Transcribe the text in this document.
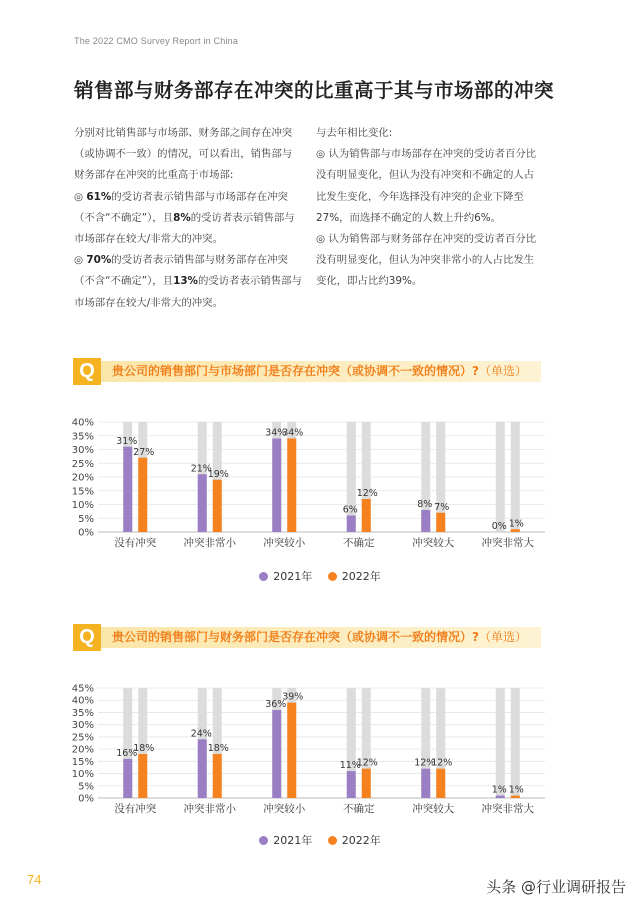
The 2022 CMO Survey Report in China
销售部与财务部存在冲突的比重高于其与市场部的冲突

分别对比销售部与市场部、财务部之间存在冲突（或协调不一致）的情况，可以看出，销售部与财务部存在冲突的比重高于市场部:

◎ 61%的受访者表示销售部与市场部存在冲突（不含“不确定”），且8%的受访者表示销售部与市场部存在较大/非常大的冲突。

◎ 70%的受访者表示销售部与财务部存在冲突（不含“不确定”），且13%的受访者表示销售部与市场部存在较大/非常大的冲突。

与去年相比变化:

◎ 认为销售部与市场部存在冲突的受访者百分比没有明显变化，但认为没有冲突和不确定的人占比发生变化，今年选择没有冲突的企业下降至27%，而选择不确定的人数上升约6%。

◎ 认为销售部与财务部存在冲突的受访者百分比没有明显变化，但认为冲突非常小的人占比发生变化，即占比约39%。

Q	贵公司的销售部门与市场部门是否存在冲突（或协调不一致的情况）?（单选）
0%
5%
10%
15%
20%
25%
30%
35%
40%
31%
27%
没有冲突
21%
19%
冲突非常小
34%
34%
冲突较小
6%
12%
不确定
8% 7%
冲突较大
0% 1%
冲突非常大
2021年
	2022年
Q	贵公司的销售部门与财务部门是否存在冲突（或协调不一致的情况）?（单选）
0%
5%
10%
15%
20%
25%
30%
35%
40%
45%
16%
18%
没有冲突
24%
18%
冲突非常小
36%
39%
冲突较小
11%
12%
不确定
12%
12%
冲突较大
1% 1%
冲突非常大
2021年
	2022年
74	头条 @行业调研报告
